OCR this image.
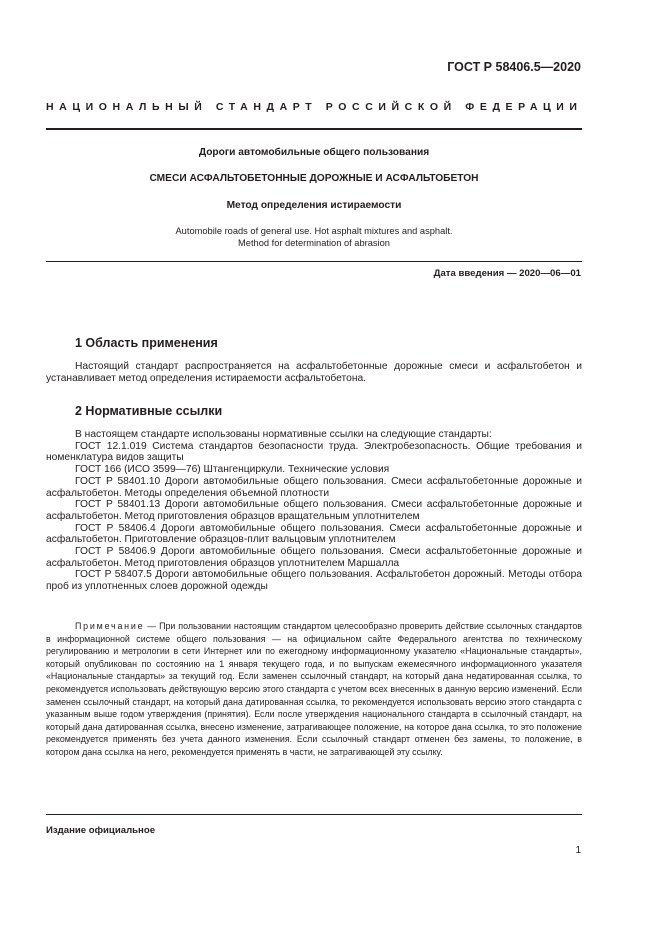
ГОСТ Р 58406.5—2020
НАЦИОНАЛЬНЫЙ СТАНДАРТ РОССИЙСКОЙ ФЕДЕРАЦИИ
Дороги автомобильные общего пользования
СМЕСИ АСФАЛЬТОБЕТОННЫЕ ДОРОЖНЫЕ И АСФАЛЬТОБЕТОН
Метод определения истираемости
Automobile roads of general use. Hot asphalt mixtures and asphalt.
Method for determination of abrasion
Дата введения — 2020—06—01
1 Область применения

Настоящий стандарт распространяется на асфальтобетонные дорожные смеси и асфальтобетон и устанавливает метод определения истираемости асфальтобетона.

2 Нормативные ссылки

В настоящем стандарте использованы нормативные ссылки на следующие стандарты:

ГОСТ 12.1.019 Система стандартов безопасности труда. Электробезопасность. Общие требования и номенклатура видов защиты

ГОСТ 166 (ИСО 3599—76) Штангенциркули. Технические условия

ГОСТ Р 58401.10 Дороги автомобильные общего пользования. Смеси асфальтобетонные дорожные и асфальтобетон. Методы определения объемной плотности

ГОСТ Р 58401.13 Дороги автомобильные общего пользования. Смеси асфальтобетонные дорожные и асфальтобетон. Метод приготовления образцов вращательным уплотнителем

ГОСТ Р 58406.4 Дороги автомобильные общего пользования. Смеси асфальтобетонные дорожные и асфальтобетон. Приготовление образцов-плит вальцовым уплотнителем

ГОСТ Р 58406.9 Дороги автомобильные общего пользования. Смеси асфальтобетонные дорожные и асфальтобетон. Метод приготовления образцов уплотнителем Маршалла

ГОСТ Р 58407.5 Дороги автомобильные общего пользования. Асфальтобетон дорожный. Методы отбора проб из уплотненных слоев дорожной одежды

Примечание — При пользовании настоящим стандартом целесообразно проверить действие ссылочных стандартов в информационной системе общего пользования — на официальном сайте Федерального агентства по техническому регулированию и метрологии в сети Интернет или по ежегодному информационному указателю «Национальные стандарты», который опубликован по состоянию на 1 января текущего года, и по выпускам ежемесячного информационного указателя «Национальные стандарты» за текущий год. Если заменен ссылочный стандарт, на который дана недатированная ссылка, то рекомендуется использовать действующую версию этого стандарта с учетом всех внесенных в данную версию изменений. Если заменен ссылочный стандарт, на который дана датированная ссылка, то рекомендуется использовать версию этого стандарта с указанным выше годом утверждения (принятия). Если после утверждения национального стандарта в ссылочный стандарт, на который дана датированная ссылка, внесено изменение, затрагивающее положение, на которое дана ссылка, то это положение рекомендуется применять без учета данного изменения. Если ссылочный стандарт отменен без замены, то положение, в котором дана ссылка на него, рекомендуется применять в части, не затрагивающей эту ссылку.

Издание официальное
1
